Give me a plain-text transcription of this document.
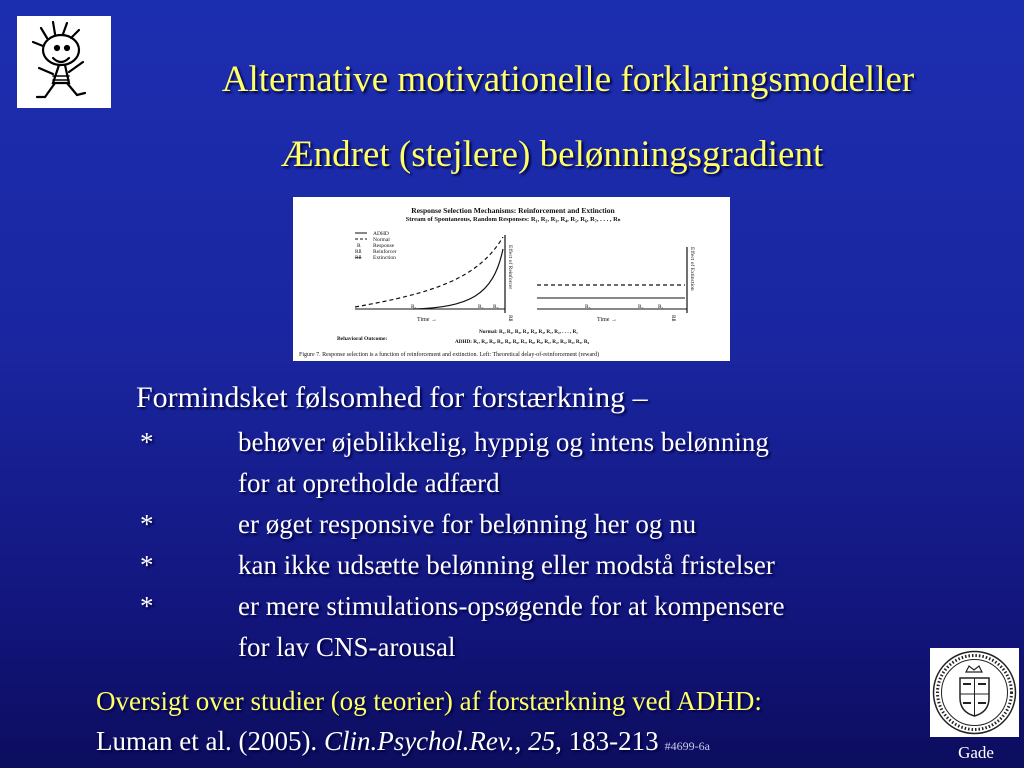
Alternative motivationelle forklaringsmodeller
Ændret (stejlere) belønningsgradient
Response Selection Mechanisms: Reinforcement and Extinction
Stream of Spontaneous, Random Responses: R₁, R₂, R₃, R₄, R₅, R₆, R₇, . . . , Rₙ
ADHD
Normal
R Response
Rß Reinforcer
Rß Extinction	Effect of Reinforcer
R₁	R₂ R₃
Rß
Time →
Effect of Extinction
R₃	R₂	R₁
Rß
Time →
Behavioral Outcome:
Normal: R₁, R₂, R₃, R₁, R₂, R₃, R₁, R₂, . . . , R₁
ADHD: R₁, R₂, R₃, R₄, R₅, R₆, R₇, R₈, R₉, R₁, R₂, R₃, R₄, R₅, R₆
Figure 7. Response selection is a function of reinforcement and extinction. Left: Theoretical delay-of-reinforcement (reward)
Formindsket følsomhed for forstærkning –
*	behøver øjeblikkelig, hyppig og intens belønning
for at opretholde adfærd
*	er øget responsive for belønning her og nu
*	kan ikke udsætte belønning eller modstå fristelser
*	er mere stimulations-opsøgende for at kompensere
for lav CNS-arousal
Oversigt over studier (og teorier) af forstærkning ved ADHD:
Luman et al. (2005). Clin.Psychol.Rev., 25, 183-213 #4699-6a	Gade
